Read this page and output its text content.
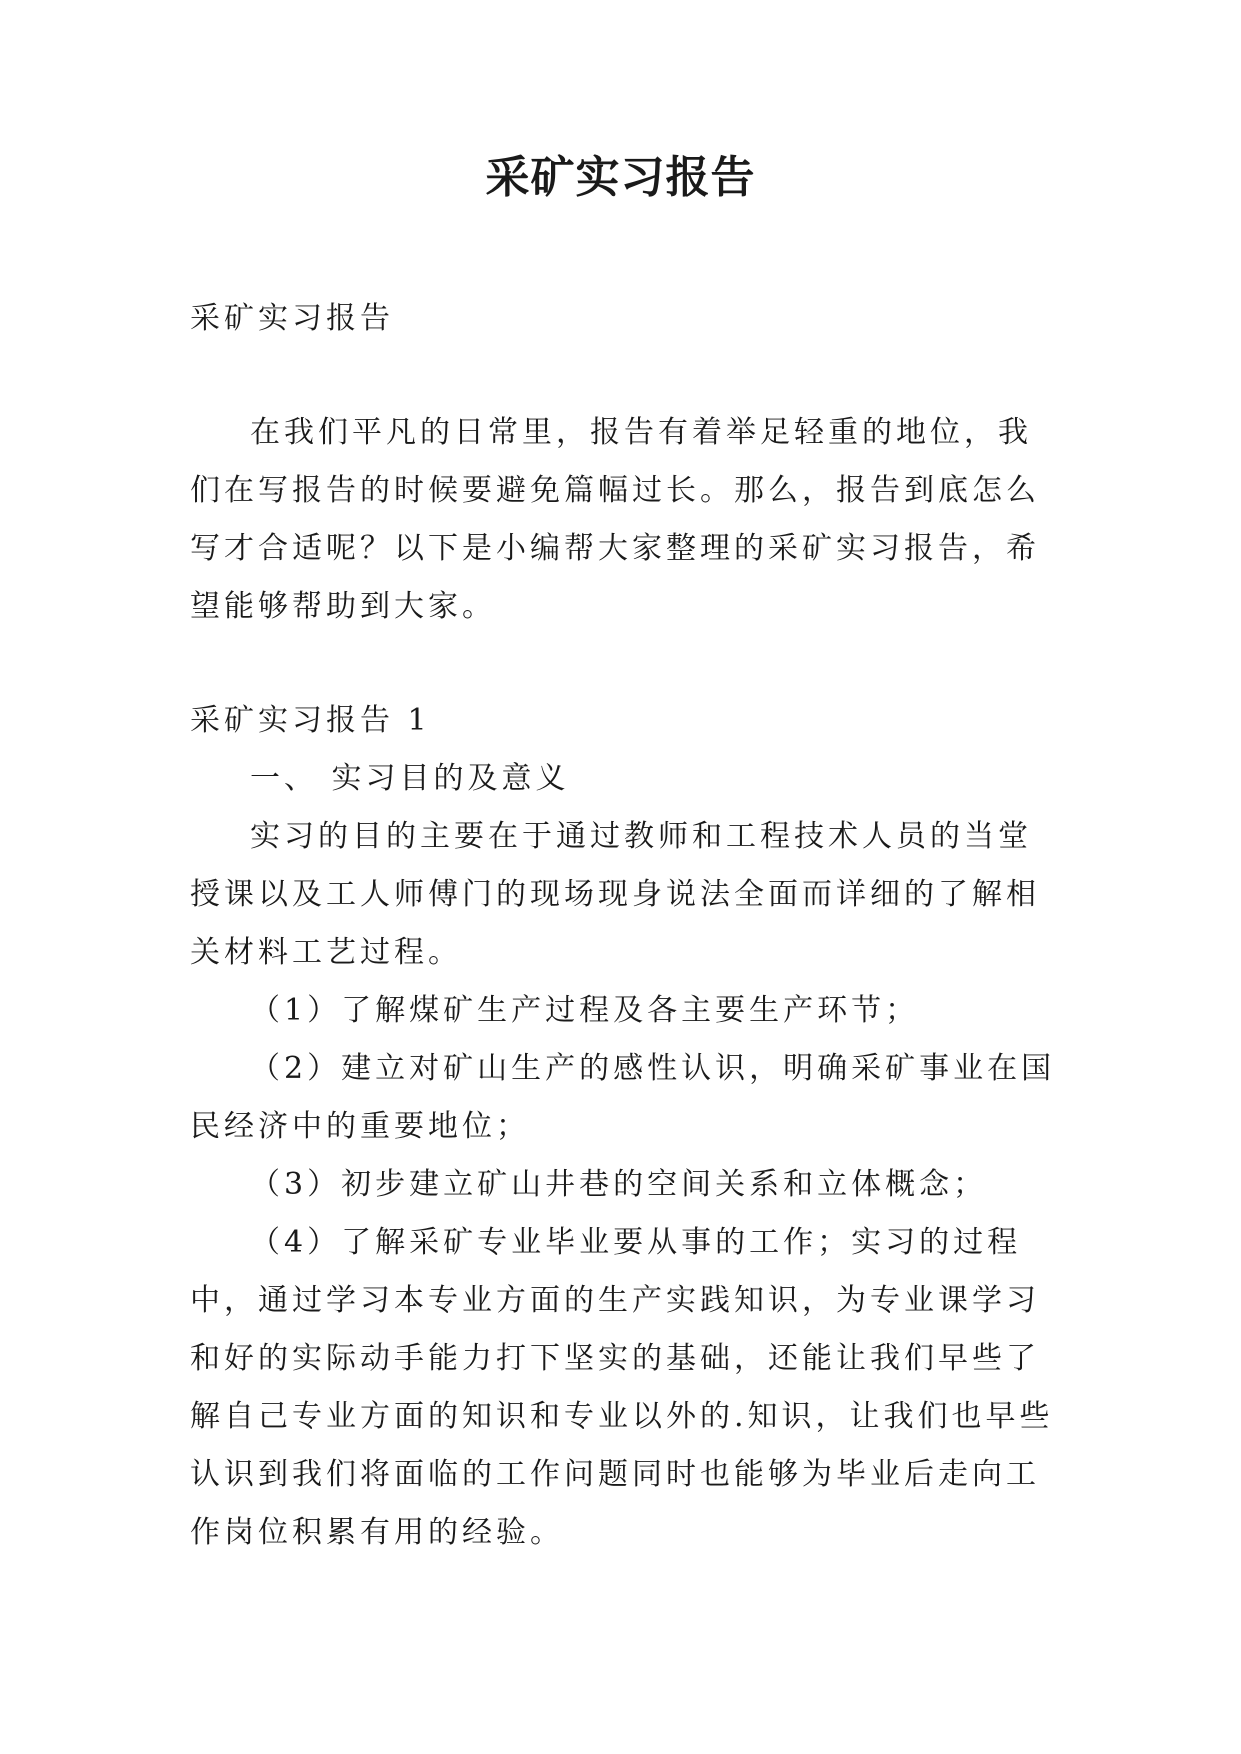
采矿实习报告

采矿实习报告

在我们平凡的日常里，报告有着举足轻重的地位，我们在写报告的时候要避免篇幅过长。那么，报告到底怎么写才合适呢？以下是小编帮大家整理的采矿实习报告，希望能够帮助到大家。

采矿实习报告 1

一、 实习目的及意义

实习的目的主要在于通过教师和工程技术人员的当堂授课以及工人师傅门的现场现身说法全面而详细的了解相关材料工艺过程。

（1）了解煤矿生产过程及各主要生产环节；

（2）建立对矿山生产的感性认识，明确采矿事业在国民经济中的重要地位；

（3）初步建立矿山井巷的空间关系和立体概念；

（4）了解采矿专业毕业要从事的工作；实习的过程中，通过学习本专业方面的生产实践知识，为专业课学习和好的实际动手能力打下坚实的基础，还能让我们早些了解自己专业方面的知识和专业以外的.知识，让我们也早些认识到我们将面临的工作问题同时也能够为毕业后走向工作岗位积累有用的经验。
